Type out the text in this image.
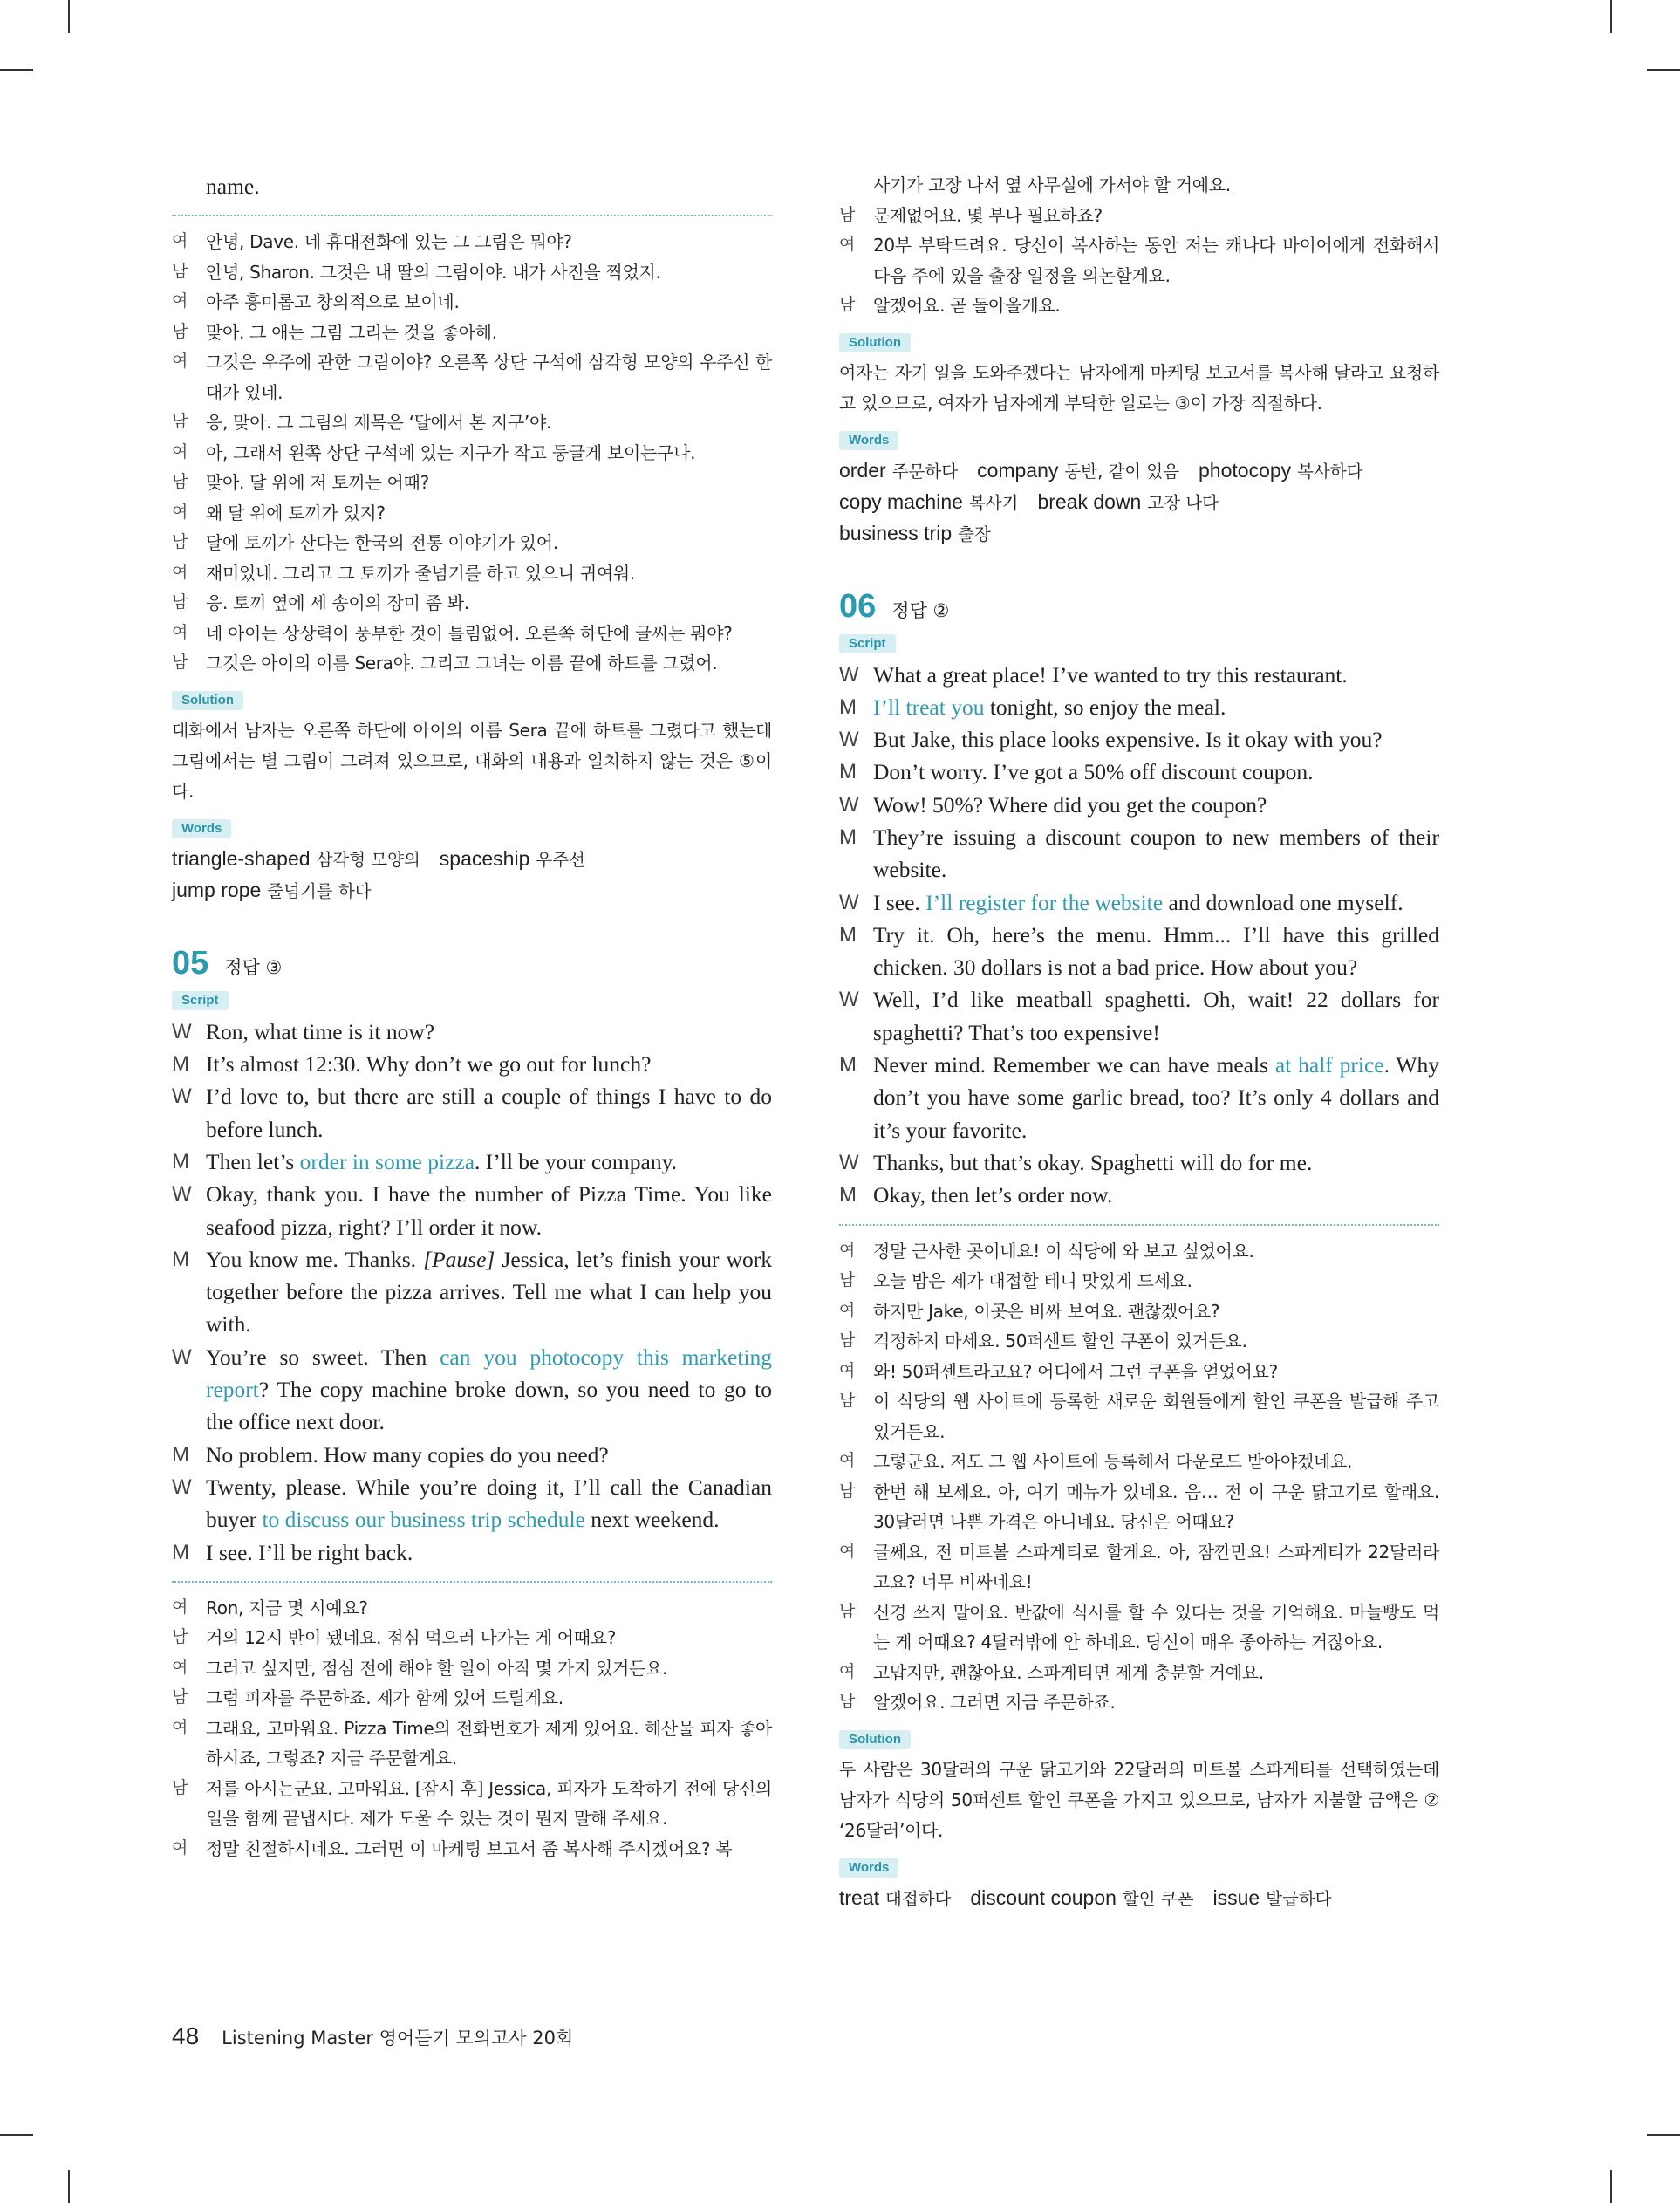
name.
여	안녕, Dave. 네 휴대전화에 있는 그 그림은 뭐야?
남	안녕, Sharon. 그것은 내 딸의 그림이야. 내가 사진을 찍었지.
여	아주 흥미롭고 창의적으로 보이네.
남	맞아. 그 애는 그림 그리는 것을 좋아해.
여	그것은 우주에 관한 그림이야? 오른쪽 상단 구석에 삼각형 모양의 우주선 한 대가 있네.
남	응, 맞아. 그 그림의 제목은 ‘달에서 본 지구’야.
여	아, 그래서 왼쪽 상단 구석에 있는 지구가 작고 둥글게 보이는구나.
남	맞아. 달 위에 저 토끼는 어때?
여	왜 달 위에 토끼가 있지?
남	달에 토끼가 산다는 한국의 전통 이야기가 있어.
여	재미있네. 그리고 그 토끼가 줄넘기를 하고 있으니 귀여워.
남	응. 토끼 옆에 세 송이의 장미 좀 봐.
여	네 아이는 상상력이 풍부한 것이 틀림없어. 오른쪽 하단에 글씨는 뭐야?
남	그것은 아이의 이름 Sera야. 그리고 그녀는 이름 끝에 하트를 그렸어.
Solution
대화에서 남자는 오른쪽 하단에 아이의 이름 Sera 끝에 하트를 그렸다고 했는데 그림에서는 별 그림이 그려져 있으므로, 대화의 내용과 일치하지 않는 것은 ⑤이다.
Words
triangle-shaped 삼각형 모양의 spaceship 우주선
jump rope 줄넘기를 하다
05 정답 ③
Script
W Ron, what time is it now?
M It’s almost 12:30. Why don’t we go out for lunch?
W I’d love to, but there are still a couple of things I have to do before lunch.
M Then let’s order in some pizza. I’ll be your company.
W Okay, thank you. I have the number of Pizza Time. You like seafood pizza, right? I’ll order it now.
M You know me. Thanks. [Pause] Jessica, let’s finish your work together before the pizza arrives. Tell me what I can help you with.
W You’re so sweet. Then can you photocopy this marketing report? The copy machine broke down, so you need to go to the office next door.
M No problem. How many copies do you need?
W Twenty, please. While you’re doing it, I’ll call the Canadian buyer to discuss our business trip schedule next weekend.
M I see. I’ll be right back.
여	Ron, 지금 몇 시예요?
남	거의 12시 반이 됐네요. 점심 먹으러 나가는 게 어때요?
여	그러고 싶지만, 점심 전에 해야 할 일이 아직 몇 가지 있거든요.
남	그럼 피자를 주문하죠. 제가 함께 있어 드릴게요.
여	그래요, 고마워요. Pizza Time의 전화번호가 제게 있어요. 해산물 피자 좋아하시죠, 그렇죠? 지금 주문할게요.
남	저를 아시는군요. 고마워요. [잠시 후] Jessica, 피자가 도착하기 전에 당신의 일을 함께 끝냅시다. 제가 도울 수 있는 것이 뭔지 말해 주세요.
여	정말 친절하시네요. 그러면 이 마케팅 보고서 좀 복사해 주시겠어요? 복
사기가 고장 나서 옆 사무실에 가서야 할 거예요.
남	문제없어요. 몇 부나 필요하죠?
여	20부 부탁드려요. 당신이 복사하는 동안 저는 캐나다 바이어에게 전화해서 다음 주에 있을 출장 일정을 의논할게요.
남	알겠어요. 곧 돌아올게요.
Solution
여자는 자기 일을 도와주겠다는 남자에게 마케팅 보고서를 복사해 달라고 요청하고 있으므로, 여자가 남자에게 부탁한 일로는 ③이 가장 적절하다.
Words
order 주문하다 company 동반, 같이 있음 photocopy 복사하다
copy machine 복사기 break down 고장 나다
business trip 출장
06 정답 ②
Script
W What a great place! I’ve wanted to try this restaurant.
M I’ll treat you tonight, so enjoy the meal.
W But Jake, this place looks expensive. Is it okay with you?
M Don’t worry. I’ve got a 50% off discount coupon.
W Wow! 50%? Where did you get the coupon?
M They’re issuing a discount coupon to new members of their website.
W I see. I’ll register for the website and download one myself.
M Try it. Oh, here’s the menu. Hmm... I’ll have this grilled chicken. 30 dollars is not a bad price. How about you?
W Well, I’d like meatball spaghetti. Oh, wait! 22 dollars for spaghetti? That’s too expensive!
M Never mind. Remember we can have meals at half price. Why don’t you have some garlic bread, too? It’s only 4 dollars and it’s your favorite.
W Thanks, but that’s okay. Spaghetti will do for me.
M Okay, then let’s order now.
여	정말 근사한 곳이네요! 이 식당에 와 보고 싶었어요.
남	오늘 밤은 제가 대접할 테니 맛있게 드세요.
여	하지만 Jake, 이곳은 비싸 보여요. 괜찮겠어요?
남	걱정하지 마세요. 50퍼센트 할인 쿠폰이 있거든요.
여	와! 50퍼센트라고요? 어디에서 그런 쿠폰을 얻었어요?
남	이 식당의 웹 사이트에 등록한 새로운 회원들에게 할인 쿠폰을 발급해 주고 있거든요.
여	그렇군요. 저도 그 웹 사이트에 등록해서 다운로드 받아야겠네요.
남	한번 해 보세요. 아, 여기 메뉴가 있네요. 음… 전 이 구운 닭고기로 할래요. 30달러면 나쁜 가격은 아니네요. 당신은 어때요?
여	글쎄요, 전 미트볼 스파게티로 할게요. 아, 잠깐만요! 스파게티가 22달러라고요? 너무 비싸네요!
남	신경 쓰지 말아요. 반값에 식사를 할 수 있다는 것을 기억해요. 마늘빵도 먹는 게 어때요? 4달러밖에 안 하네요. 당신이 매우 좋아하는 거잖아요.
여	고맙지만, 괜찮아요. 스파게티면 제게 충분할 거예요.
남	알겠어요. 그러면 지금 주문하죠.
Solution
두 사람은 30달러의 구운 닭고기와 22달러의 미트볼 스파게티를 선택하였는데 남자가 식당의 50퍼센트 할인 쿠폰을 가지고 있으므로, 남자가 지불할 금액은 ② ‘26달러’이다.
Words
treat 대접하다 discount coupon 할인 쿠폰 issue 발급하다
48 Listening Master 영어듣기 모의고사 20회
